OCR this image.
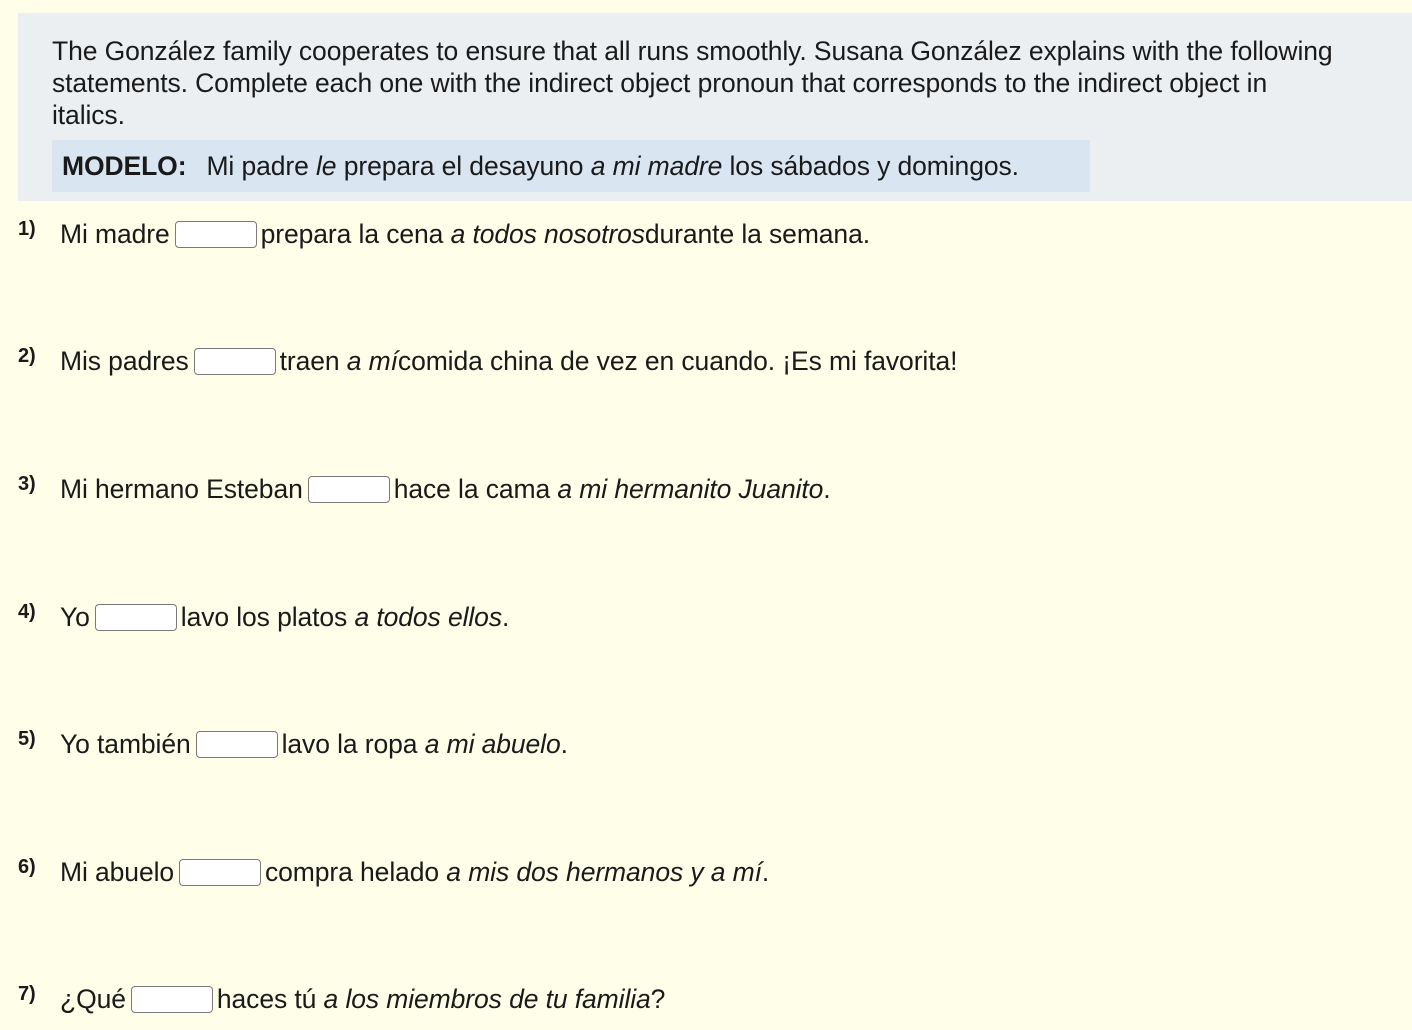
The González family cooperates to ensure that all runs smoothly. Susana González explains with the following
statements. Complete each one with the indirect object pronoun that corresponds to the indirect object in
italics.
MODELO: Mi padre le prepara el desayuno a mi madre los sábados y domingos.
1) Mi madre	prepara la cena
a todos nosotros durante la semana.
2) Mis padres	traen
a mí comida china de vez en cuando. ¡Es mi favorita!
3) Mi hermano Esteban	hace la cama
a mi hermanito Juanito .
4) Yo	lavo los platos
a todos ellos .
5) Yo también	lavo la ropa
a mi abuelo .
6) Mi abuelo	compra helado
a mis dos hermanos y a mí .
7) ¿Qué	haces tú
a los miembros de tu familia ?
